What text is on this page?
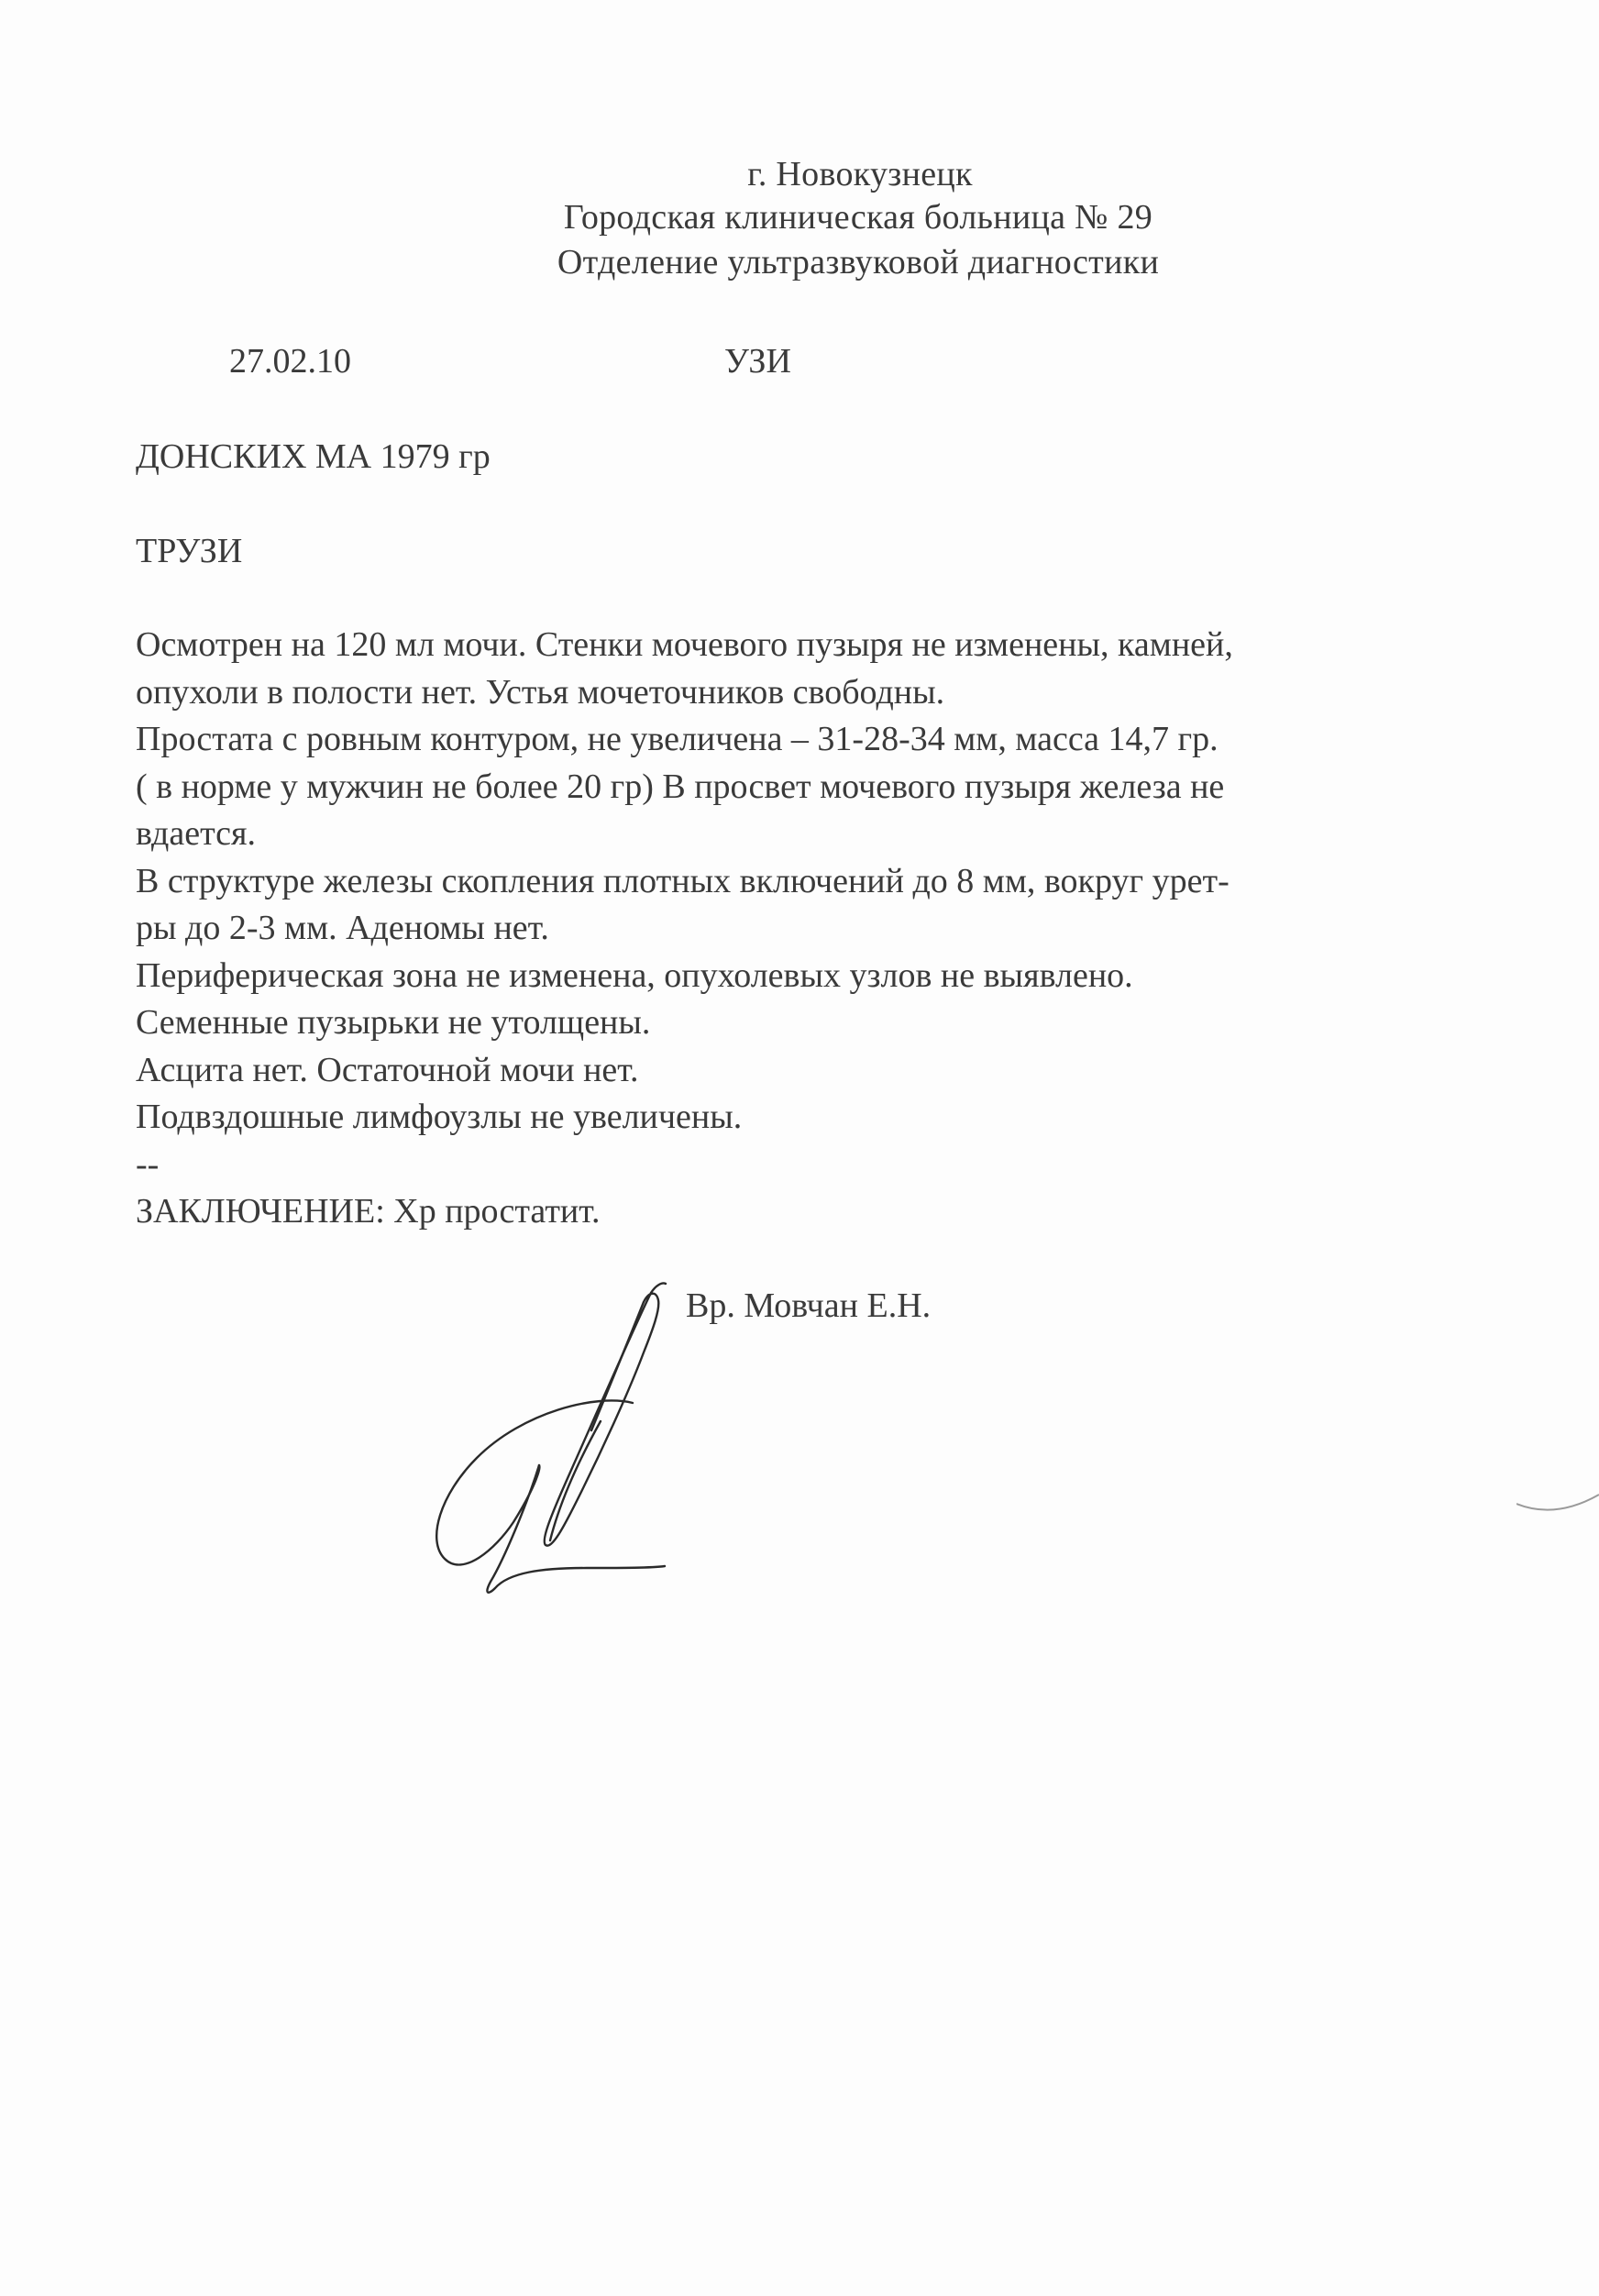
г. Новокузнецк
Городская клиническая больница № 29
Отделение ультразвуковой диагностики
27.02.10	УЗИ
ДОНСКИХ МА 1979 гр
ТРУЗИ
Осмотрен на 120 мл мочи. Стенки мочевого пузыря не изменены, камней,
опухоли в полости нет. Устья мочеточников свободны.
Простата с ровным контуром, не увеличена – 31-28-34 мм, масса 14,7 гр.
( в норме у мужчин не более 20 гр) В просвет мочевого пузыря железа не
вдается.
В структуре железы скопления плотных включений до 8 мм, вокруг урет-
ры до 2-3 мм. Аденомы нет.
Периферическая зона не изменена, опухолевых узлов не выявлено.
Семенные пузырьки не утолщены.
Асцита нет. Остаточной мочи нет.
Подвздошные лимфоузлы не увеличены.
--
ЗАКЛЮЧЕНИЕ: Хр простатит.
Вр. Мовчан Е.Н.
